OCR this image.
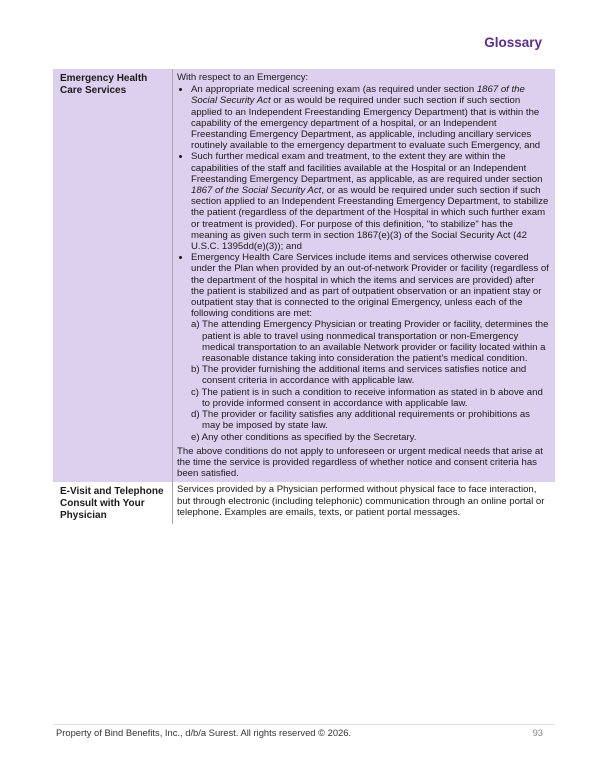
Glossary
Emergency Health Care Services	

With respect to an Emergency:

• An appropriate medical screening exam (as required under section 1867 of the Social Security Act or as would be required under such section if such section applied to an Independent Freestanding Emergency Department) that is within the capability of the emergency department of a hospital, or an Independent Freestanding Emergency Department, as applicable, including ancillary services routinely available to the emergency department to evaluate such Emergency, and
• Such further medical exam and treatment, to the extent they are within the capabilities of the staff and facilities available at the Hospital or an Independent Freestanding Emergency Department, as applicable, as are required under section 1867 of the Social Security Act, or as would be required under such section if such section applied to an Independent Freestanding Emergency Department, to stabilize the patient (regardless of the department of the Hospital in which such further exam or treatment is provided). For purpose of this definition, "to stabilize" has the meaning as given such term in section 1867(e)(3) of the Social Security Act (42 U.S.C. 1395dd(e)(3)); and
• Emergency Health Care Services include items and services otherwise covered under the Plan when provided by an out-of-network Provider or facility (regardless of the department of the hospital in which the items and services are provided) after the patient is stabilized and as part of outpatient observation or an inpatient stay or outpatient stay that is connected to the original Emergency, unless each of the following conditions are met:
a) The attending Emergency Physician or treating Provider or facility, determines the patient is able to travel using nonmedical transportation or non-Emergency medical transportation to an available Network provider or facility located within a reasonable distance taking into consideration the patient's medical condition.
b) The provider furnishing the additional items and services satisfies notice and consent criteria in accordance with applicable law.
c) The patient is in such a condition to receive information as stated in b above and to provide informed consent in accordance with applicable law.
d) The provider or facility satisfies any additional requirements or prohibitions as may be imposed by state law.
e) Any other conditions as specified by the Secretary.

The above conditions do not apply to unforeseen or urgent medical needs that arise at the time the service is provided regardless of whether notice and consent criteria has been satisfied.

E-Visit and Telephone Consult with Your Physician	Services provided by a Physician performed without physical face to face interaction, but through electronic (including telephonic) communication through an online portal or telephone. Examples are emails, texts, or patient portal messages.
Property of Bind Benefits, Inc., d/b/a Surest. All rights reserved © 2026.	93
